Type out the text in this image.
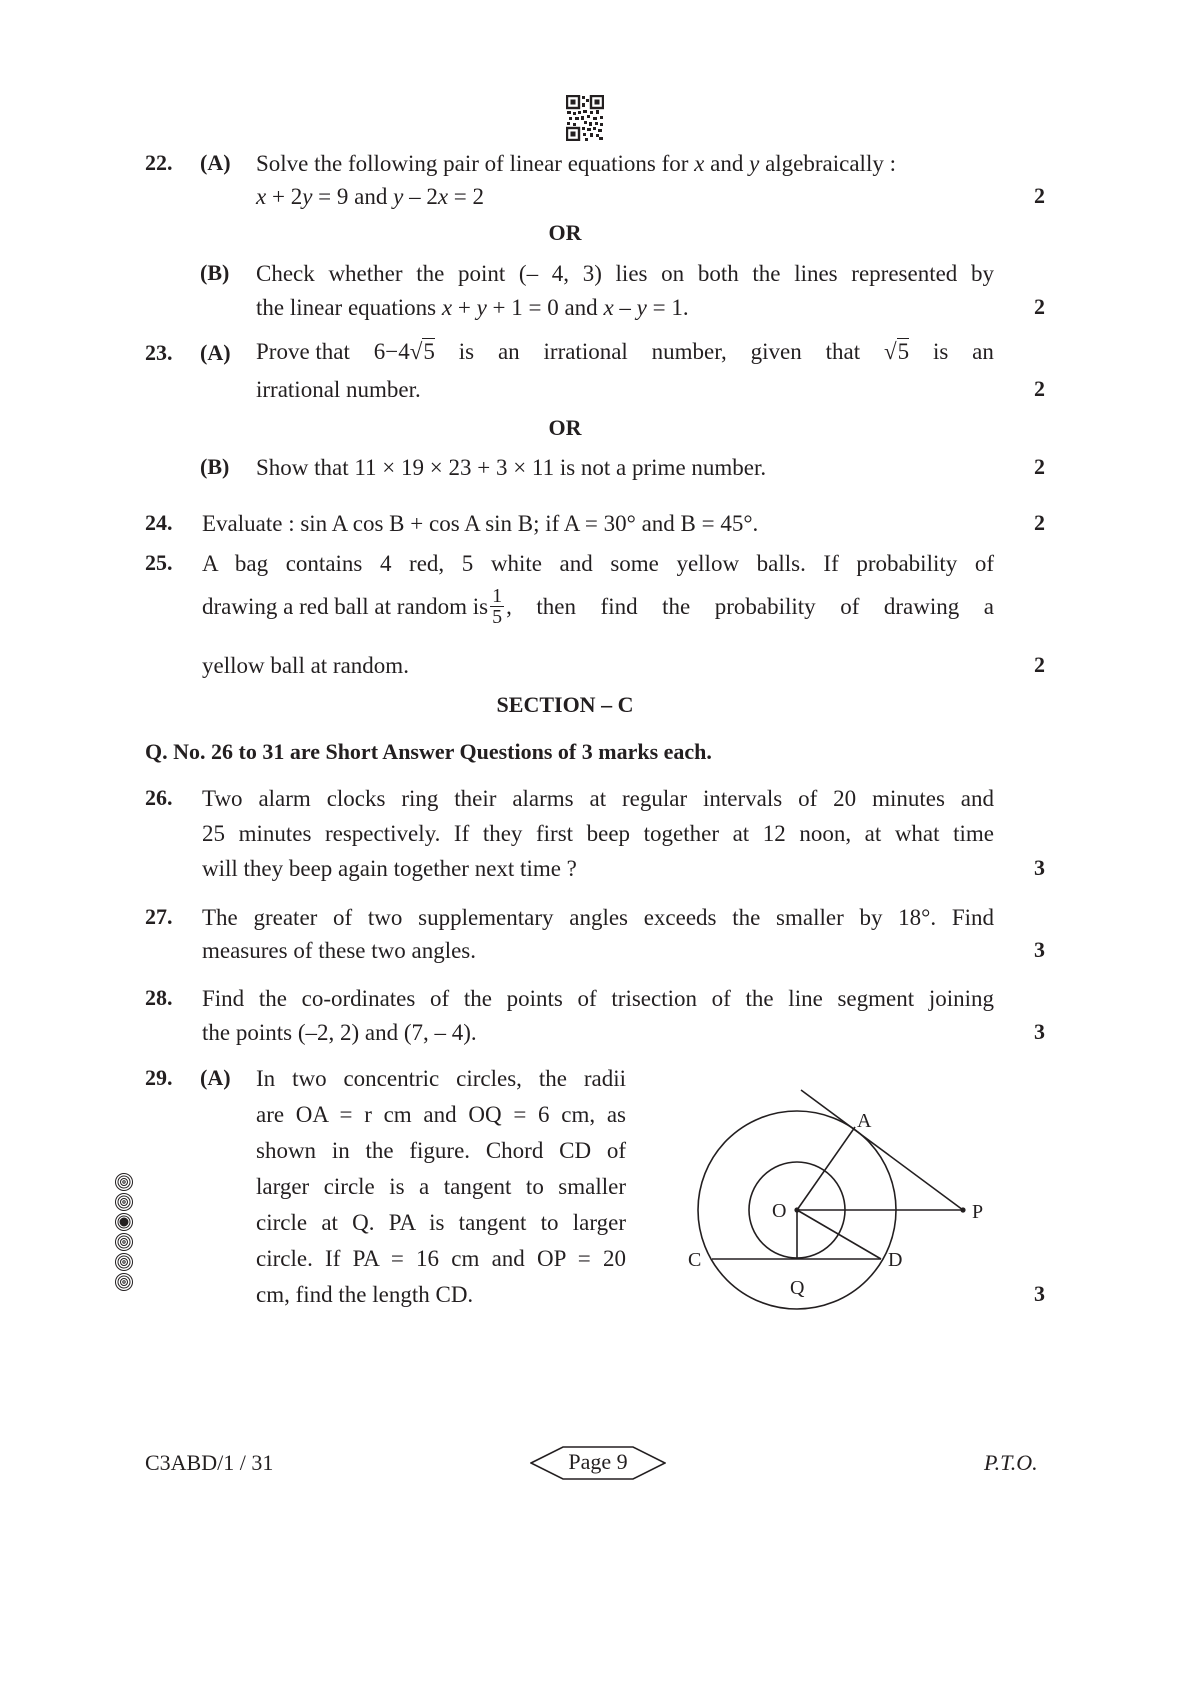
22. (A) Solve the following pair of linear equations for x and y algebraically :
x + 2y = 9 and y – 2x = 2	2
OR
(B) Check whether the point (– 4, 3) lies on both the lines represented by
the linear equations x + y + 1 = 0 and x – y = 1.	2
23. (A) Prove that 6−4√5 is an irrational number, given that √5 is an
irrational number.	2
OR
(B) Show that 11 × 19 × 23 + 3 × 11 is not a prime number.	2
24. Evaluate : sin A cos B + cos A sin B; if A = 30° and B = 45°.	2
25. A bag contains 4 red, 5 white and some yellow balls. If probability of
drawing a red ball at random is $\frac{1}{5}$ , then find the probability of drawing a
yellow ball at random.	2
SECTION – C
Q. No. 26 to 31 are Short Answer Questions of 3 marks each.
26. Two alarm clocks ring their alarms at regular intervals of 20 minutes and
25 minutes respectively. If they first beep together at 12 noon, at what time
will they beep again together next time ?	3
27. The greater of two supplementary angles exceeds the smaller by 18°. Find
measures of these two angles.	3
28. Find the co-ordinates of the points of trisection of the line segment joining
the points (–2, 2) and (7, – 4).	3
29. (A) In two concentric circles, the radii
are OA = r cm and OQ = 6 cm, as
shown in the figure. Chord CD of
larger circle is a tangent to smaller
circle at Q. PA is tangent to larger
circle. If PA = 16 cm and OP = 20
cm, find the length CD.	3
A
O	P
C
Q
D
C3ABD/1 / 31	Page 9	P.T.O.
